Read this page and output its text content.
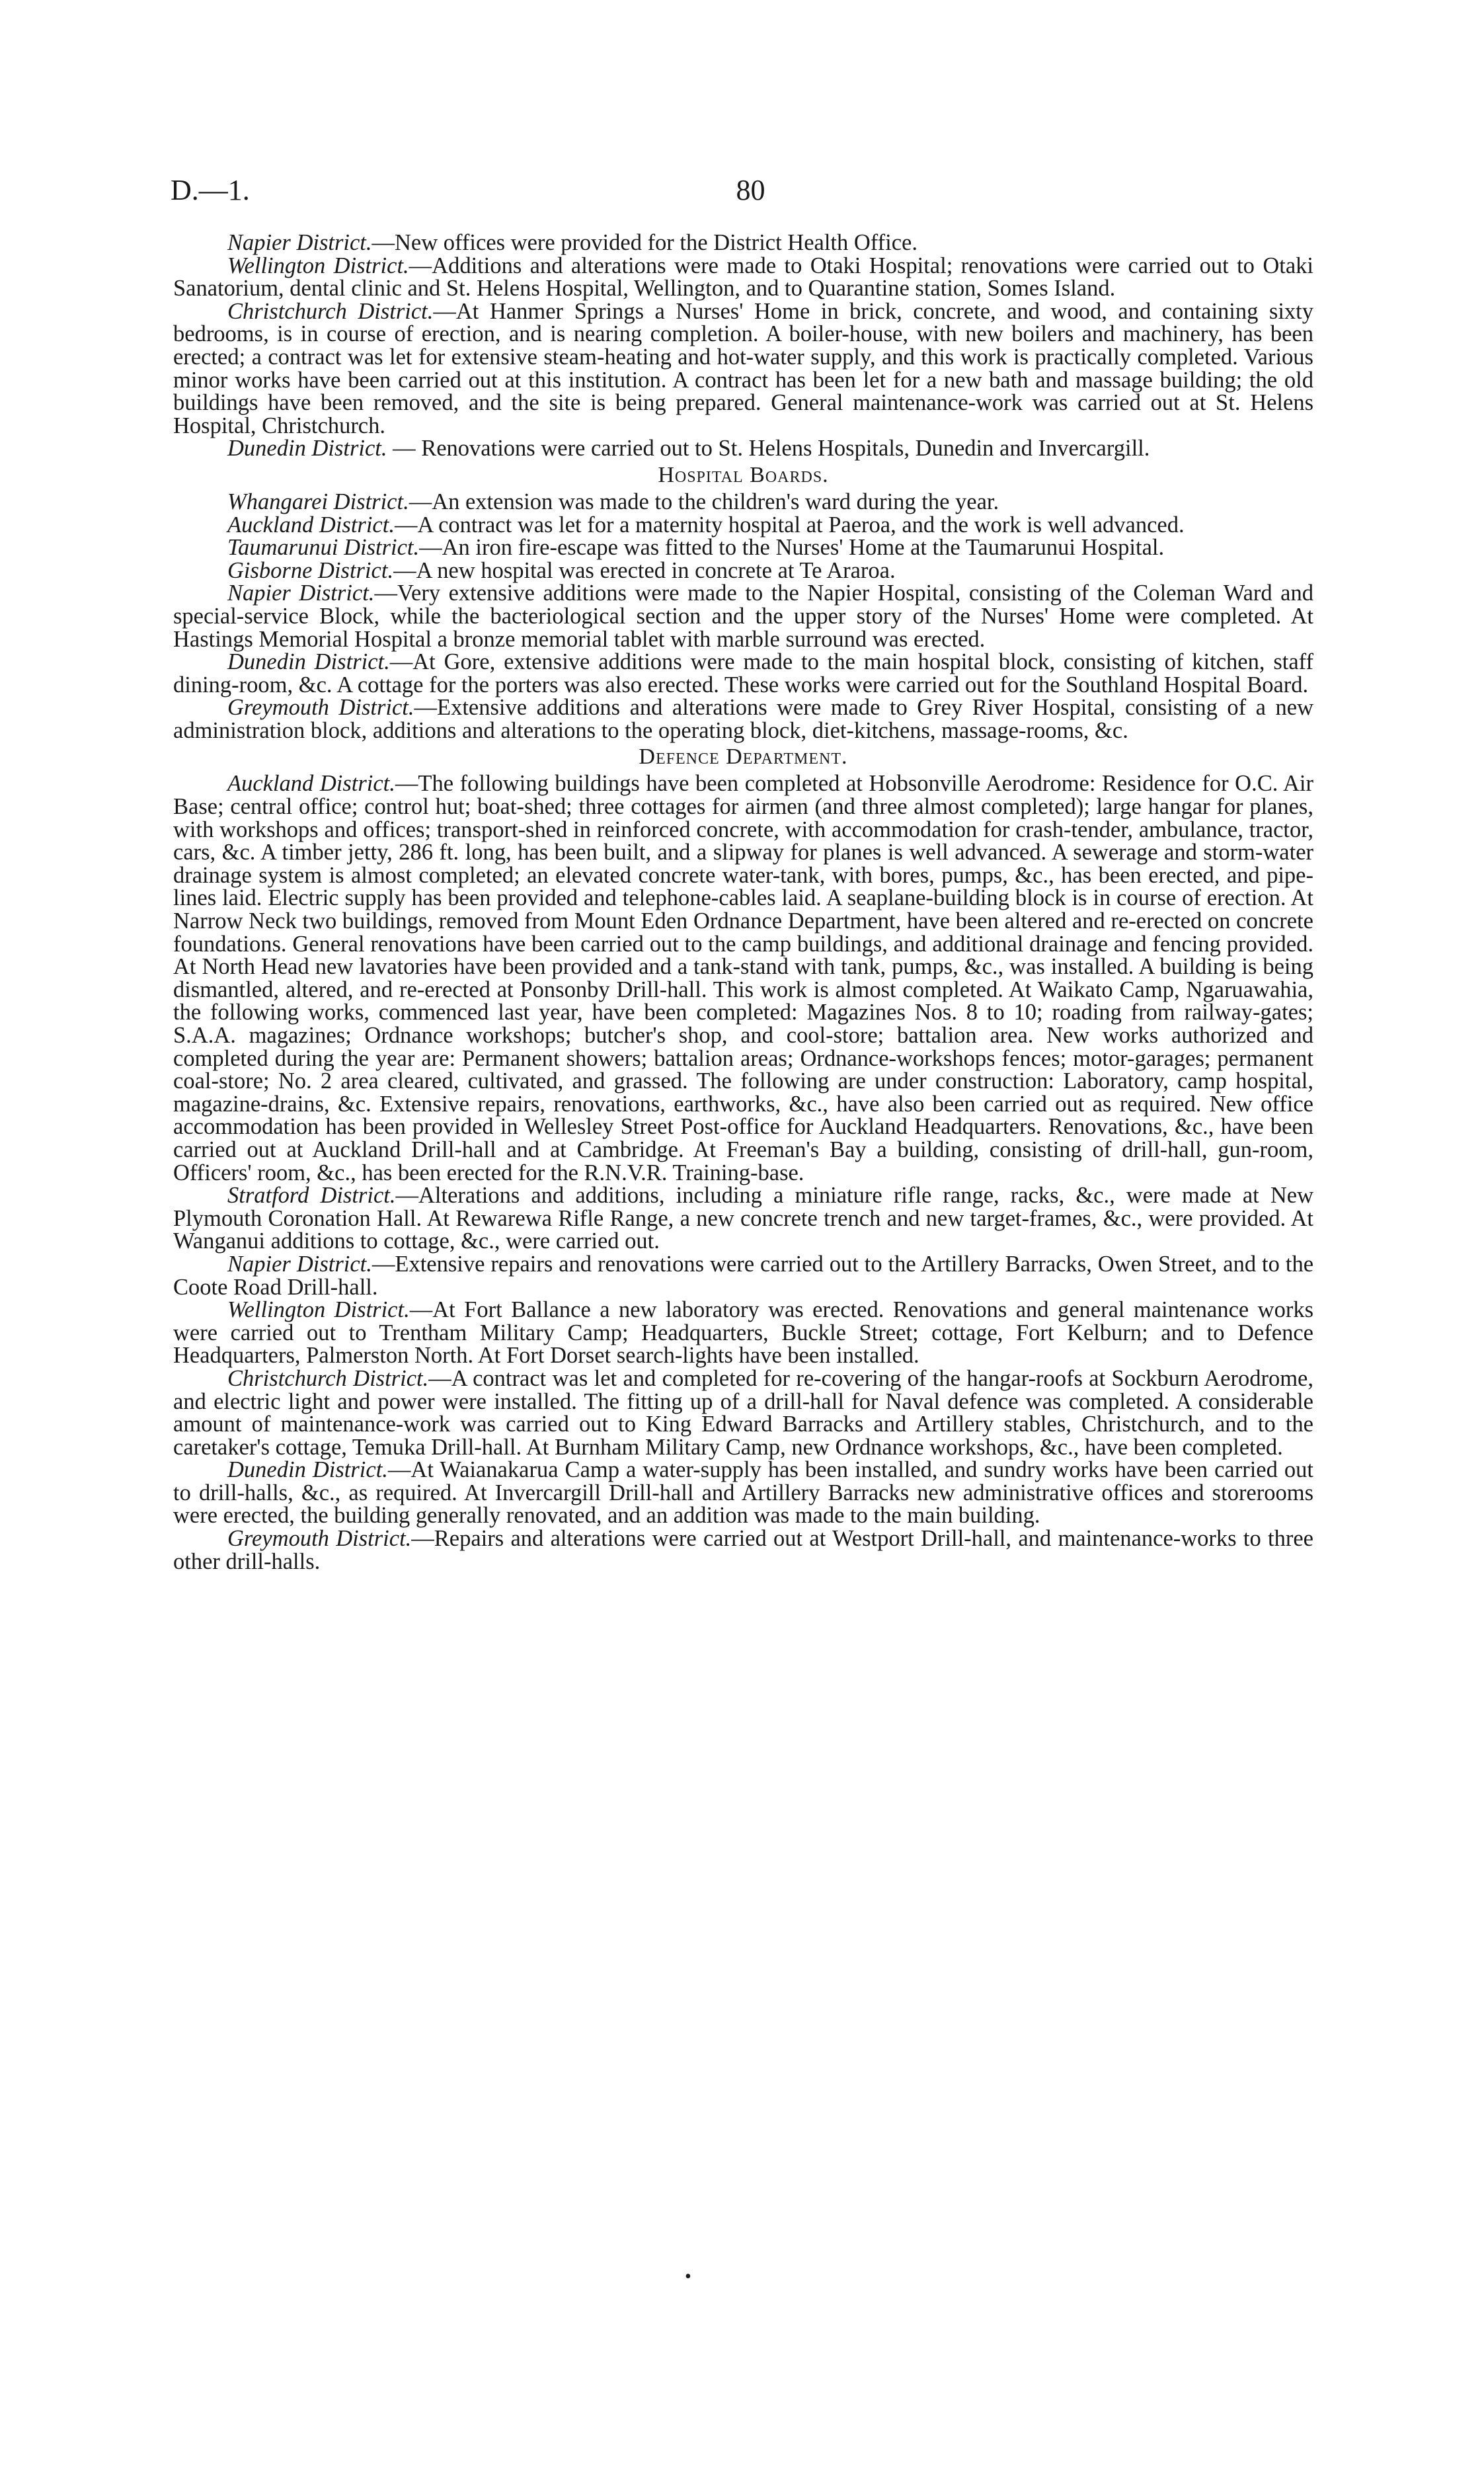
D.—1.	80

Napier District.—New offices were provided for the District Health Office.

Wellington District.—Additions and alterations were made to Otaki Hospital; renovations were carried out to Otaki Sanatorium, dental clinic and St. Helens Hospital, Wellington, and to Quarantine station, Somes Island.

Christchurch District.—At Hanmer Springs a Nurses' Home in brick, concrete, and wood, and containing sixty bedrooms, is in course of erection, and is nearing completion. A boiler-house, with new boilers and machinery, has been erected; a contract was let for extensive steam-heating and hot-water supply, and this work is practically completed. Various minor works have been carried out at this institution. A contract has been let for a new bath and massage building; the old buildings have been removed, and the site is being prepared. General maintenance-work was carried out at St. Helens Hospital, Christchurch.

Dunedin District. — Renovations were carried out to St. Helens Hospitals, Dunedin and Invercargill.

Hospital Boards.

Whangarei District.—An extension was made to the children's ward during the year.

Auckland District.—A contract was let for a maternity hospital at Paeroa, and the work is well advanced.

Taumarunui District.—An iron fire-escape was fitted to the Nurses' Home at the Taumarunui Hospital.

Gisborne District.—A new hospital was erected in concrete at Te Araroa.

Napier District.—Very extensive additions were made to the Napier Hospital, consisting of the Coleman Ward and special-service Block, while the bacteriological section and the upper story of the Nurses' Home were completed. At Hastings Memorial Hospital a bronze memorial tablet with marble surround was erected.

Dunedin District.—At Gore, extensive additions were made to the main hospital block, consisting of kitchen, staff dining-room, &c. A cottage for the porters was also erected. These works were carried out for the Southland Hospital Board.

Greymouth District.—Extensive additions and alterations were made to Grey River Hospital, consisting of a new administration block, additions and alterations to the operating block, diet-kitchens, massage-rooms, &c.

Defence Department.

Auckland District.—The following buildings have been completed at Hobsonville Aerodrome: Residence for O.C. Air Base; central office; control hut; boat-shed; three cottages for airmen (and three almost completed); large hangar for planes, with workshops and offices; transport-shed in reinforced concrete, with accommodation for crash-tender, ambulance, tractor, cars, &c. A timber jetty, 286 ft. long, has been built, and a slipway for planes is well advanced. A sewerage and storm-water drainage system is almost completed; an elevated concrete water-tank, with bores, pumps, &c., has been erected, and pipe-lines laid. Electric supply has been provided and telephone-cables laid. A seaplane-building block is in course of erection. At Narrow Neck two buildings, removed from Mount Eden Ordnance Department, have been altered and re-erected on concrete foundations. General renovations have been carried out to the camp buildings, and additional drainage and fencing provided. At North Head new lavatories have been provided and a tank-stand with tank, pumps, &c., was installed. A building is being dismantled, altered, and re-erected at Ponsonby Drill-hall. This work is almost completed. At Waikato Camp, Ngaruawahia, the following works, commenced last year, have been completed: Magazines Nos. 8 to 10; roading from railway-gates; S.A.A. magazines; Ordnance workshops; butcher's shop, and cool-store; battalion area. New works authorized and completed during the year are: Permanent showers; battalion areas; Ordnance-workshops fences; motor-garages; permanent coal-store; No. 2 area cleared, cultivated, and grassed. The following are under construction: Laboratory, camp hospital, magazine-drains, &c. Extensive repairs, renovations, earthworks, &c., have also been carried out as required. New office accommodation has been provided in Wellesley Street Post-office for Auckland Headquarters. Renovations, &c., have been carried out at Auckland Drill-hall and at Cambridge. At Freeman's Bay a building, consisting of drill-hall, gun-room, Officers' room, &c., has been erected for the R.N.V.R. Training-base.

Stratford District.—Alterations and additions, including a miniature rifle range, racks, &c., were made at New Plymouth Coronation Hall. At Rewarewa Rifle Range, a new concrete trench and new target-frames, &c., were provided. At Wanganui additions to cottage, &c., were carried out.

Napier District.—Extensive repairs and renovations were carried out to the Artillery Barracks, Owen Street, and to the Coote Road Drill-hall.

Wellington District.—At Fort Ballance a new laboratory was erected. Renovations and general maintenance works were carried out to Trentham Military Camp; Headquarters, Buckle Street; cottage, Fort Kelburn; and to Defence Headquarters, Palmerston North. At Fort Dorset search-lights have been installed.

Christchurch District.—A contract was let and completed for re-covering of the hangar-roofs at Sockburn Aerodrome, and electric light and power were installed. The fitting up of a drill-hall for Naval defence was completed. A considerable amount of maintenance-work was carried out to King Edward Barracks and Artillery stables, Christchurch, and to the caretaker's cottage, Temuka Drill-hall. At Burnham Military Camp, new Ordnance workshops, &c., have been completed.

Dunedin District.—At Waianakarua Camp a water-supply has been installed, and sundry works have been carried out to drill-halls, &c., as required. At Invercargill Drill-hall and Artillery Barracks new administrative offices and storerooms were erected, the building generally renovated, and an addition was made to the main building.

Greymouth District.—Repairs and alterations were carried out at Westport Drill-hall, and maintenance-works to three other drill-halls.

•
